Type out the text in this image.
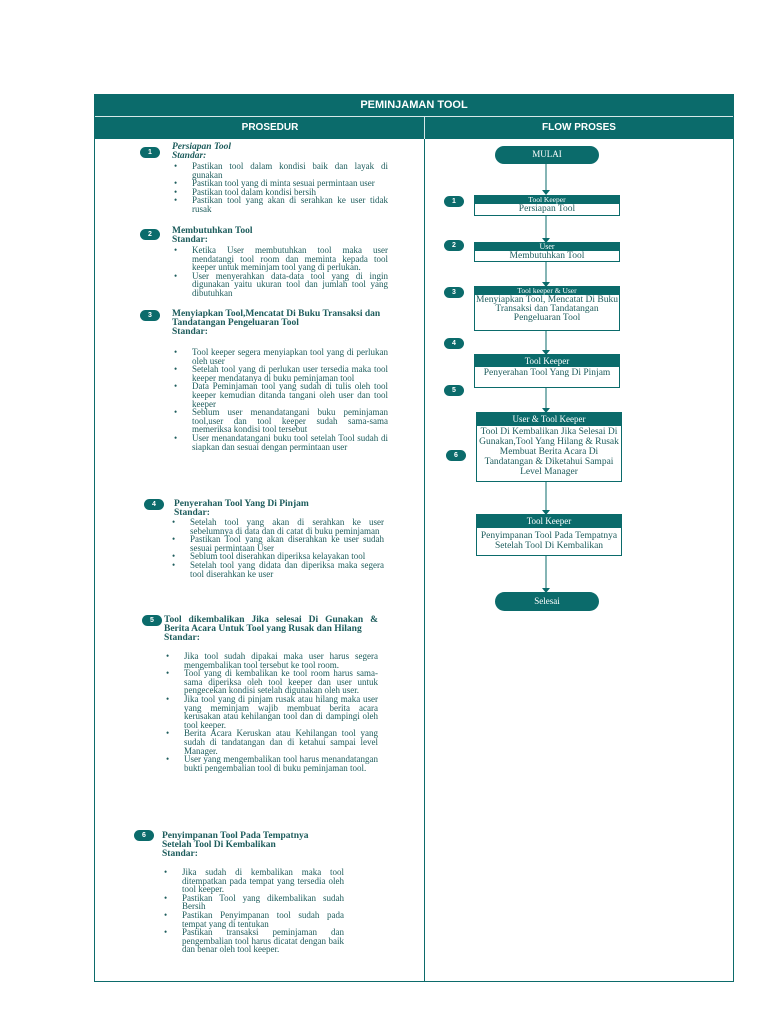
PEMINJAMAN TOOL
PROSEDUR	FLOW PROSES
1
Persiapan Tool
Standar:
• Pastikan tool dalam kondisi baik dan layak di gunakan
• Pastikan tool yang di minta sesuai permintaan user
• Pastikan tool dalam kondisi bersih
• Pastikan tool yang akan di serahkan ke user tidak rusak
2	Membutuhkan Tool
Standar:
• Ketika User membutuhkan tool maka user mendatangi tool room dan meminta kepada tool keeper untuk meminjam tool yang di perlukan.
• User menyerahkan data-data tool yang di ingin digunakan yaitu ukuran tool dan jumlah tool yang dibutuhkan
3	Menyiapkan Tool,Mencatat Di Buku Transaksi dan Tandatangan Pengeluaran Tool
Standar:
• Tool keeper segera menyiapkan tool yang di perlukan oleh user
• Setelah tool yang di perlukan user tersedia maka tool keeper mendatanya di buku peminjaman tool
• Data Peminjaman tool yang sudah di tulis oleh tool keeper kemudian ditanda tangani oleh user dan tool keeper
• Seblum user menandatangani buku peminjaman tool,user dan tool keeper sudah sama-sama memeriksa kondisi tool tersebut
• User menandatangani buku tool setelah Tool sudah di siapkan dan sesuai dengan permintaan user
4	Penyerahan Tool Yang Di Pinjam
Standar:
• Setelah tool yang akan di serahkan ke user sebelumnya di data dan di catat di buku peminjaman
• Pastikan Tool yang akan diserahkan ke user sudah sesuai permintaan User
• Seblum tool diserahkan diperiksa kelayakan tool
• Setelah tool yang didata dan diperiksa maka segera tool diserahkan ke user
5	Tool dikembalikan Jika selesai Di Gunakan & Berita Acara Untuk Tool yang Rusak dan Hilang
Standar:
• Jika tool sudah dipakai maka user harus segera mengembalikan tool tersebut ke tool room.
• Tool yang di kembalikan ke tool room harus sama-sama diperiksa oleh tool keeper dan user untuk pengecekan kondisi setelah digunakan oleh user.
• Jika tool yang di pinjam rusak atau hilang maka user yang meminjam wajib membuat berita acara kerusakan atau kehilangan tool dan di dampingi oleh tool keeper.
• Berita Acara Keruskan atau Kehilangan tool yang sudah di tandatangan dan di ketahui sampai level Manager.
• User yang mengembalikan tool harus menandatangan bukti pengembalian tool di buku peminjaman tool.
6	Penyimpanan Tool Pada Tempatnya Setelah Tool Di Kembalikan
Standar:
• Jika sudah di kembalikan maka tool ditempatkan pada tempat yang tersedia oleh tool keeper.
• Pastikan Tool yang dikembalikan sudah Bersih
• Pastikan Penyimpanan tool sudah pada tempat yang di tentukan
• Pastikan transaksi peminjaman dan pengembalian tool harus dicatat dengan baik dan benar oleh tool keeper.
MULAI
1	Tool Keeper
Persiapan Tool
2	User
Membutuhkan Tool
3	Tool keeper & User
Menyiapkan Tool, Mencatat Di Buku Transaksi dan Tandatangan Pengeluaran Tool
4
Tool Keeper
Penyerahan Tool Yang Di Pinjam
5
6
User & Tool Keeper
Tool Di Kembalikan Jika Selesai Di Gunakan,Tool Yang Hilang & Rusak Membuat Berita Acara Di Tandatangan & Diketahui Sampai Level Manager
Tool Keeper
Penyimpanan Tool Pada Tempatnya Setelah Tool Di Kembalikan
Selesai
